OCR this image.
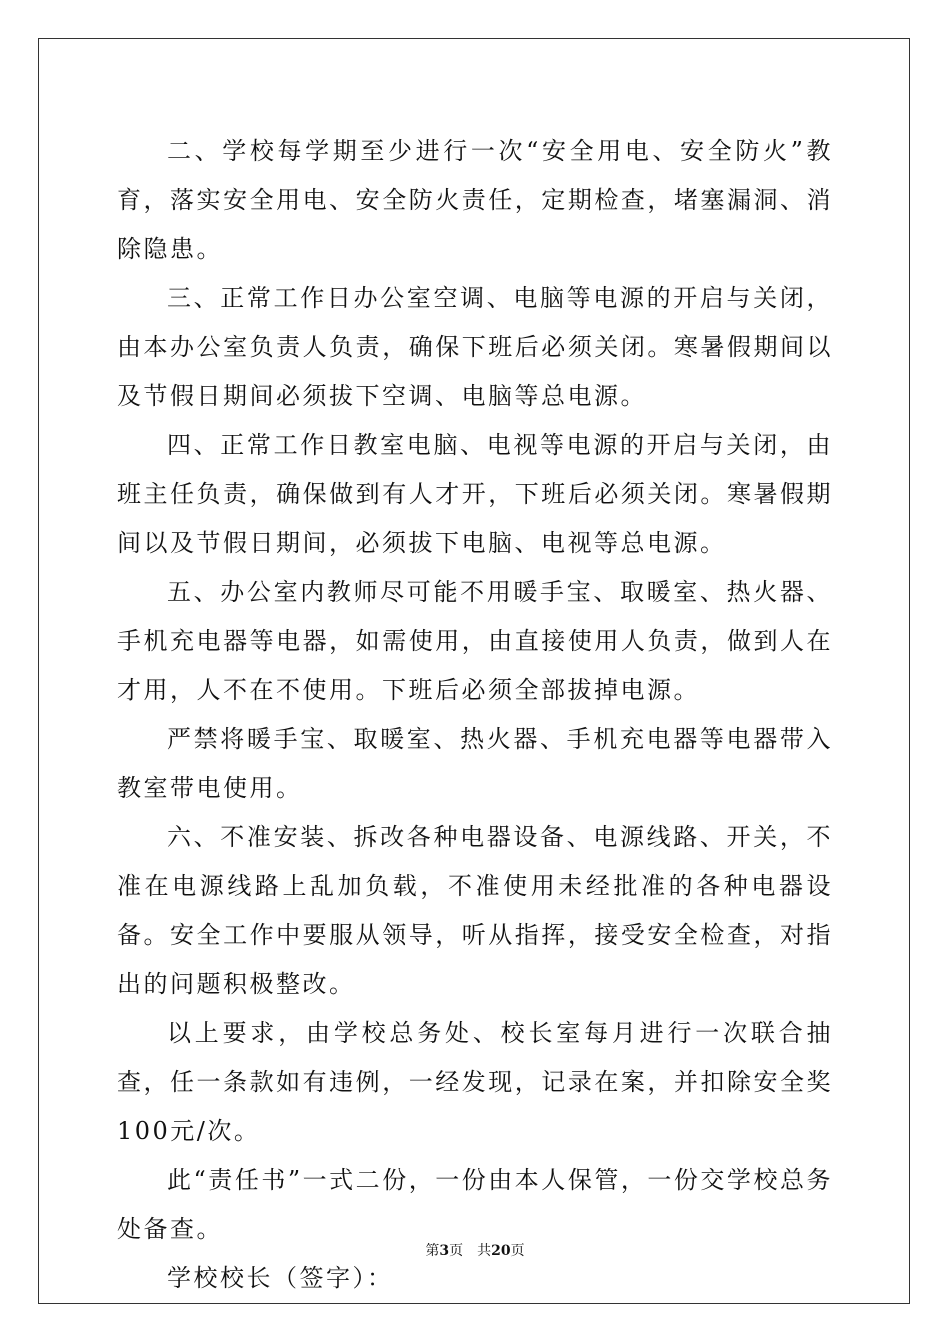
二、学校每学期至少进行一次“安全用电、安全防火”教育，落实安全用电、安全防火责任，定期检查，堵塞漏洞、消除隐患。

三、正常工作日办公室空调、电脑等电源的开启与关闭，由本办公室负责人负责，确保下班后必须关闭。寒暑假期间以及节假日期间必须拔下空调、电脑等总电源。

四、正常工作日教室电脑、电视等电源的开启与关闭，由班主任负责，确保做到有人才开，下班后必须关闭。寒暑假期间以及节假日期间，必须拔下电脑、电视等总电源。

五、办公室内教师尽可能不用暖手宝、取暖室、热火器、手机充电器等电器，如需使用，由直接使用人负责，做到人在才用，人不在不使用。下班后必须全部拔掉电源。

严禁将暖手宝、取暖室、热火器、手机充电器等电器带入教室带电使用。

六、不准安装、拆改各种电器设备、电源线路、开关，不准在电源线路上乱加负载，不准使用未经批准的各种电器设备。安全工作中要服从领导，听从指挥，接受安全检查，对指出的问题积极整改。

以上要求，由学校总务处、校长室每月进行一次联合抽查，任一条款如有违例，一经发现，记录在案，并扣除安全奖100元/次。

此“责任书”一式二份，一份由本人保管，一份交学校总务处备查。

学校校长（签字）：

第3页 共20页
